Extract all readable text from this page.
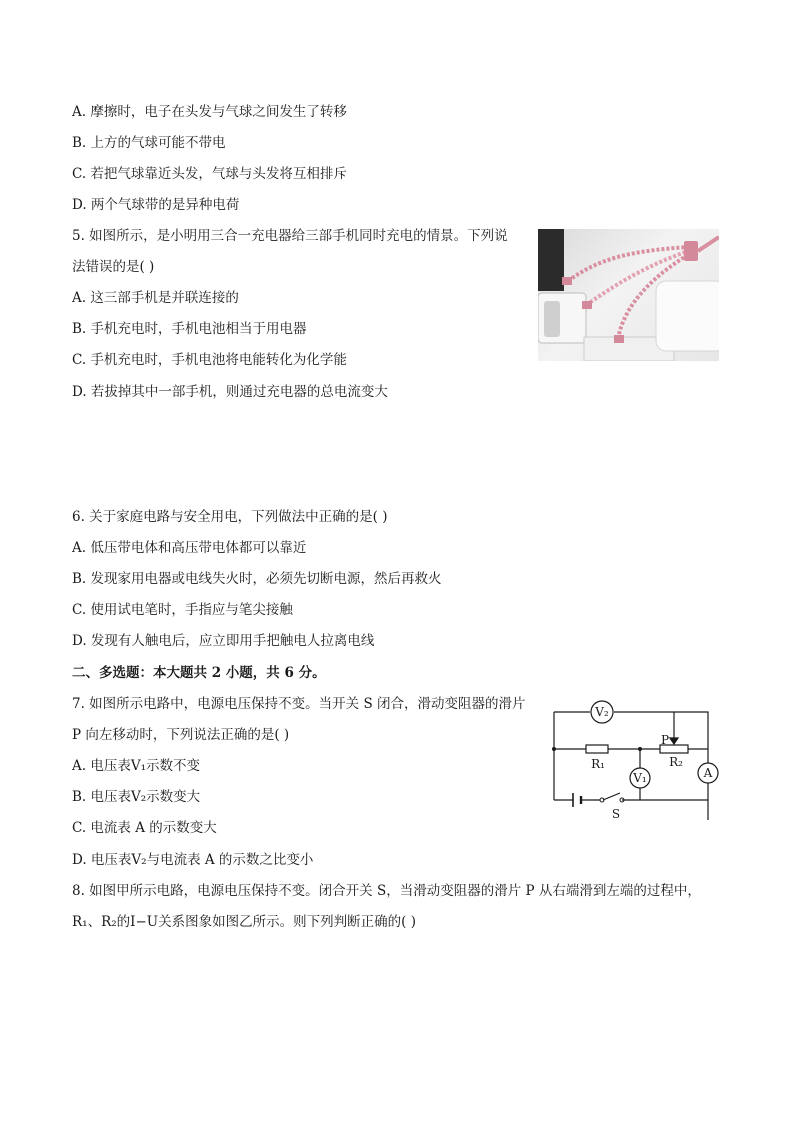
A. 摩擦时，电子在头发与气球之间发生了转移
B. 上方的气球可能不带电
C. 若把气球靠近头发，气球与头发将互相排斥
D. 两个气球带的是异种电荷
5. 如图所示，是小明用三合一充电器给三部手机同时充电的情景。下列说
法错误的是( )
A. 这三部手机是并联连接的
B. 手机充电时，手机电池相当于用电器
C. 手机充电时，手机电池将电能转化为化学能
D. 若拔掉其中一部手机，则通过充电器的总电流变大
6. 关于家庭电路与安全用电，下列做法中正确的是( )
A. 低压带电体和高压带电体都可以靠近
B. 发现家用电器或电线失火时，必须先切断电源，然后再救火
C. 使用试电笔时，手指应与笔尖接触
D. 发现有人触电后，应立即用手把触电人拉离电线
二、多选题：本大题共 2 小题，共 6 分。
7. 如图所示电路中，电源电压保持不变。当开关 S 闭合，滑动变阻器的滑片
P 向左移动时，下列说法正确的是( )
A. 电压表V₁示数不变
B. 电压表V₂示数变大
C. 电流表 A 的示数变大
D. 电压表V₂与电流表 A 的示数之比变小
V₂
V₁	A
R₁	R₂
P
S
8. 如图甲所示电路，电源电压保持不变。闭合开关 S，当滑动变阻器的滑片 P 从右端滑到左端的过程中，
R₁、R₂的I−U关系图象如图乙所示。则下列判断正确的( )
